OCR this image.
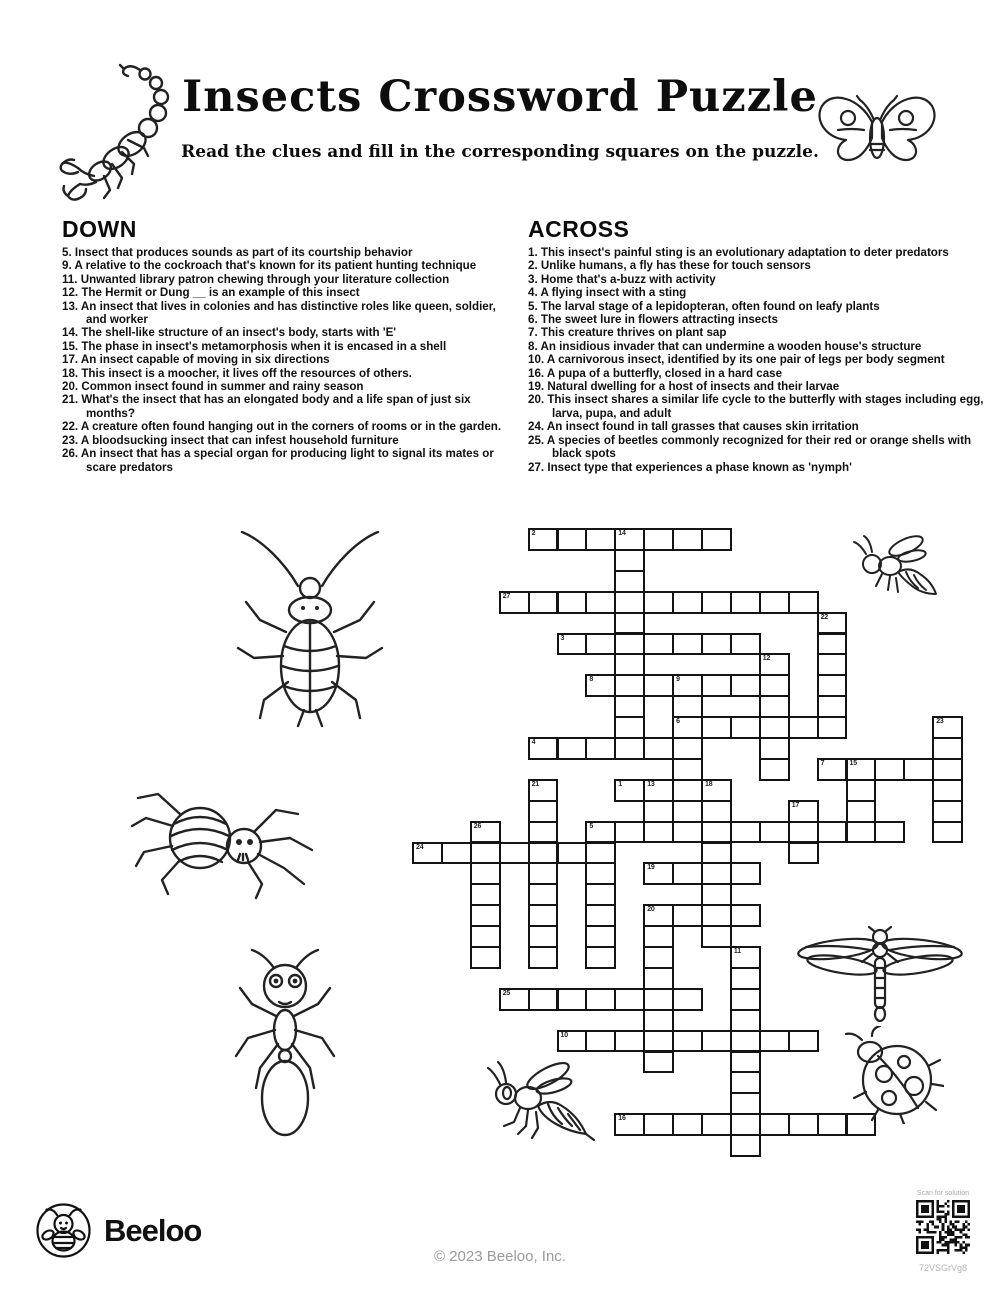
Insects Crossword Puzzle
Read the clues and fill in the corresponding squares on the puzzle.
DOWN
5. Insect that produces sounds as part of its courtship behavior
9. A relative to the cockroach that's known for its patient hunting technique
11. Unwanted library patron chewing through your literature collection
12. The Hermit or Dung __ is an example of this insect
13. An insect that lives in colonies and has distinctive roles like queen, soldier, and worker
14. The shell-like structure of an insect's body, starts with 'E'
15. The phase in insect's metamorphosis when it is encased in a shell
17. An insect capable of moving in six directions
18. This insect is a moocher, it lives off the resources of others.
20. Common insect found in summer and rainy season
21. What's the insect that has an elongated body and a life span of just six months?
22. A creature often found hanging out in the corners of rooms or in the garden.
23. A bloodsucking insect that can infest household furniture
26. An insect that has a special organ for producing light to signal its mates or scare predators
ACROSS
1. This insect's painful sting is an evolutionary adaptation to deter predators
2. Unlike humans, a fly has these for touch sensors
3. Home that's a-buzz with activity
4. A flying insect with a sting
5. The larval stage of a lepidopteran, often found on leafy plants
6. The sweet lure in flowers attracting insects
7. This creature thrives on plant sap
8. An insidious invader that can undermine a wooden house's structure
10. A carnivorous insect, identified by its one pair of legs per body segment
16. A pupa of a butterfly, closed in a hard case
19. Natural dwelling for a host of insects and their larvae
20. This insect shares a similar life cycle to the butterfly with stages including egg, larva, pupa, and adult
24. An insect found in tall grasses that causes skin irritation
25. A species of beetles commonly recognized for their red or orange shells with black spots
27. Insect type that experiences a phase known as 'nymph'
2	14
27
22
3
12
8	9
6	23
4
7	15
1	13	18
21
17
5
26
24
19
20
11
25
10
16
Beeloo
© 2023 Beeloo, Inc.
Scan for solution
72VSGrVg8
